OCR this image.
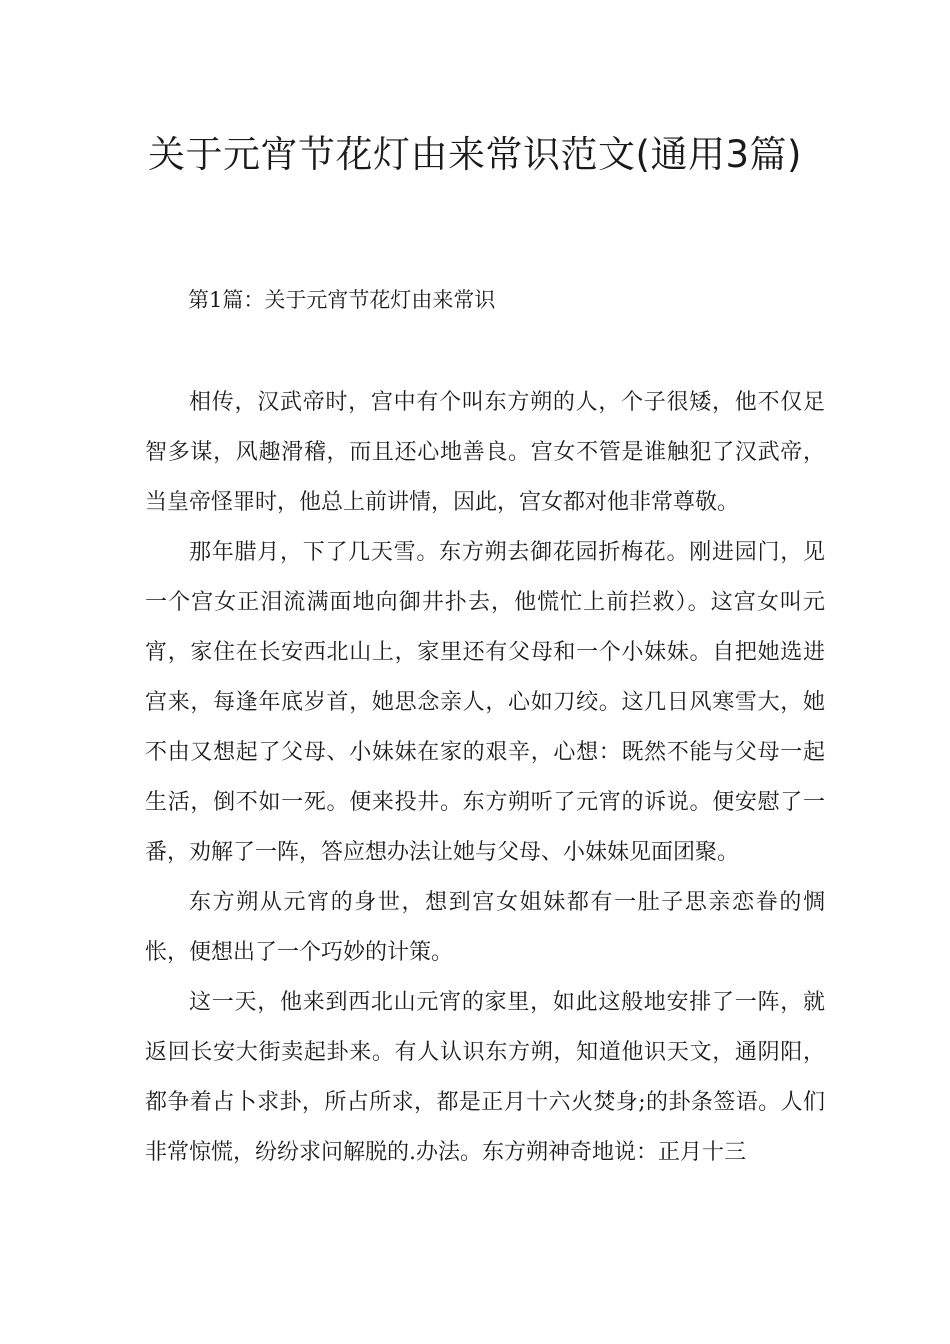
关于元宵节花灯由来常识范文(通用3篇)
第1篇：关于元宵节花灯由来常识

相传，汉武帝时，宫中有个叫东方朔的人，个子很矮，他不仅足智多谋，风趣滑稽，而且还心地善良。宫女不管是谁触犯了汉武帝，当皇帝怪罪时，他总上前讲情，因此，宫女都对他非常尊敬。

那年腊月，下了几天雪。东方朔去御花园折梅花。刚进园门，见一个宫女正泪流满面地向御井扑去，他慌忙上前拦救）。这宫女叫元宵，家住在长安西北山上，家里还有父母和一个小妹妹。自把她选进宫来，每逢年底岁首，她思念亲人，心如刀绞。这几日风寒雪大，她不由又想起了父母、小妹妹在家的艰辛，心想：既然不能与父母一起生活，倒不如一死。便来投井。东方朔听了元宵的诉说。便安慰了一番，劝解了一阵，答应想办法让她与父母、小妹妹见面团聚。

东方朔从元宵的身世，想到宫女姐妹都有一肚子思亲恋眷的惆怅，便想出了一个巧妙的计策。

这一天，他来到西北山元宵的家里，如此这般地安排了一阵，就返回长安大街卖起卦来。有人认识东方朔，知道他识天文，通阴阳，都争着占卜求卦，所占所求，都是正月十六火焚身;的卦条签语。人们非常惊慌，纷纷求问解脱的.办法。东方朔神奇地说：正月十三
